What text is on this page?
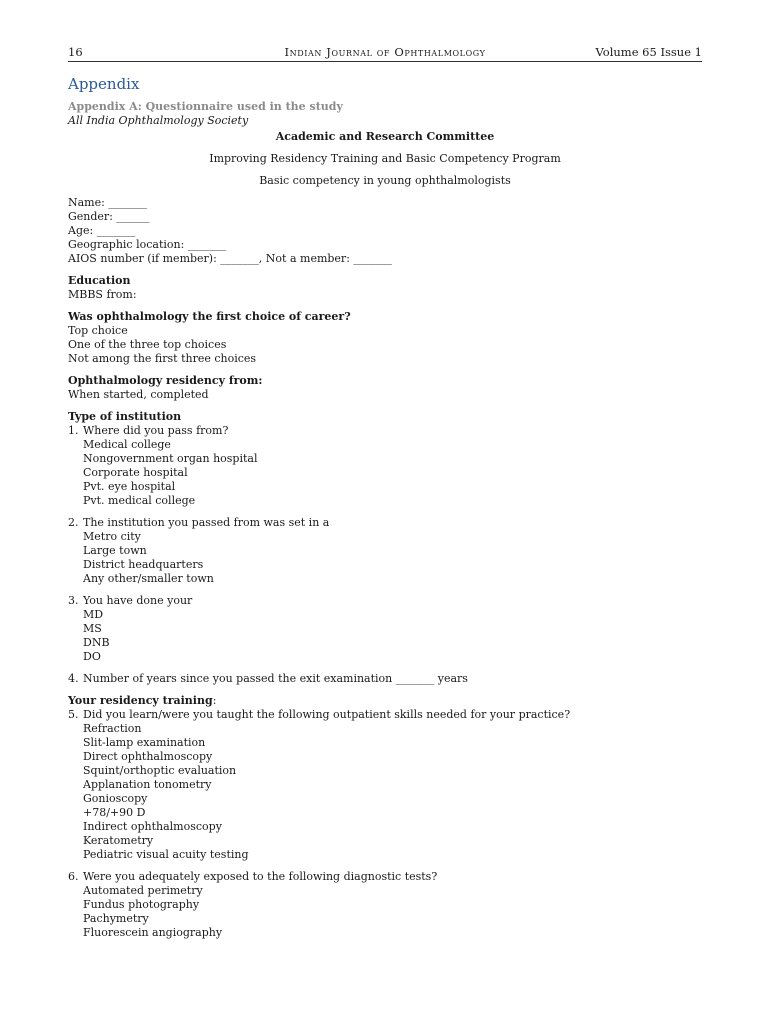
16	Indian Journal of Ophthalmology	Volume 65 Issue 1
Appendix
Appendix A: Questionnaire used in the study
All India Ophthalmology Society
Academic and Research Committee
Improving Residency Training and Basic Competency Program
Basic competency in young ophthalmologists
Name: _______
Gender: ______
Age: _______
Geographic location: _______
AIOS number (if member): _______, Not a member: _______
Education
MBBS from:
Was ophthalmology the first choice of career?
Top choice
One of the three top choices
Not among the first three choices
Ophthalmology residency from:
When started, completed
Type of institution
1. Where did you pass from?
Medical college
Nongovernment organ hospital
Corporate hospital
Pvt. eye hospital
Pvt. medical college
2. The institution you passed from was set in a
Metro city
Large town
District headquarters
Any other/smaller town
3. You have done your
MD
MS
DNB
DO
4. Number of years since you passed the exit examination _______ years
Your residency training:
5. Did you learn/were you taught the following outpatient skills needed for your practice?
Refraction
Slit-lamp examination
Direct ophthalmoscopy
Squint/orthoptic evaluation
Applanation tonometry
Gonioscopy
+78/+90 D
Indirect ophthalmoscopy
Keratometry
Pediatric visual acuity testing
6. Were you adequately exposed to the following diagnostic tests?
Automated perimetry
Fundus photography
Pachymetry
Fluorescein angiography
